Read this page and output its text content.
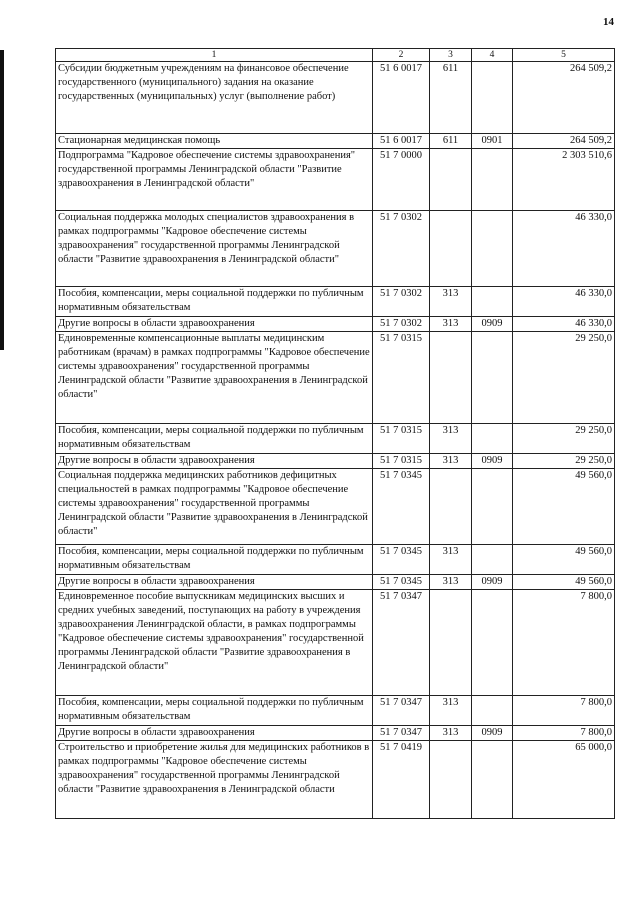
14
1	2	3	4	5
Субсидии бюджетным учреждениям на финансовое обеспечение государственного (муниципального) задания на оказание государственных (муниципальных) услуг (выполнение работ)	51 6 0017	611		264 509,2
Стационарная медицинская помощь	51 6 0017	611	0901	264 509,2
Подпрограмма "Кадровое обеспечение системы здравоохранения" государственной программы Ленинградской области "Развитие здравоохранения в Ленинградской области"	51 7 0000			2 303 510,6
Социальная поддержка молодых специалистов здравоохранения в рамках подпрограммы "Кадровое обеспечение системы здравоохранения" государственной программы Ленинградской области "Развитие здравоохранения в Ленинградской области"	51 7 0302			46 330,0
Пособия, компенсации, меры социальной поддержки по публичным нормативным обязательствам	51 7 0302	313		46 330,0
Другие вопросы в области здравоохранения	51 7 0302	313	0909	46 330,0
Единовременные компенсационные выплаты медицинским работникам (врачам) в рамках подпрограммы "Кадровое обеспечение системы здравоохранения" государственной программы Ленинградской области "Развитие здравоохранения в Ленинградской области"	51 7 0315			29 250,0
Пособия, компенсации, меры социальной поддержки по публичным нормативным обязательствам	51 7 0315	313		29 250,0
Другие вопросы в области здравоохранения	51 7 0315	313	0909	29 250,0
Социальная поддержка медицинских работников дефицитных специальностей в рамках подпрограммы "Кадровое обеспечение системы здравоохранения" государственной программы Ленинградской области "Развитие здравоохранения в Ленинградской области"	51 7 0345			49 560,0
Пособия, компенсации, меры социальной поддержки по публичным нормативным обязательствам	51 7 0345	313		49 560,0
Другие вопросы в области здравоохранения	51 7 0345	313	0909	49 560,0
Единовременное пособие выпускникам медицинских высших и средних учебных заведений, поступающих на работу в учреждения здравоохранения Ленинградской области, в рамках подпрограммы "Кадровое обеспечение системы здравоохранения" государственной программы Ленинградской области "Развитие здравоохранения в Ленинградской области"	51 7 0347			7 800,0
Пособия, компенсации, меры социальной поддержки по публичным нормативным обязательствам	51 7 0347	313		7 800,0
Другие вопросы в области здравоохранения	51 7 0347	313	0909	7 800,0
Строительство и приобретение жилья для медицинских работников в рамках подпрограммы "Кадровое обеспечение системы здравоохранения" государственной программы Ленинградской области "Развитие здравоохранения в Ленинградской области	51 7 0419			65 000,0
